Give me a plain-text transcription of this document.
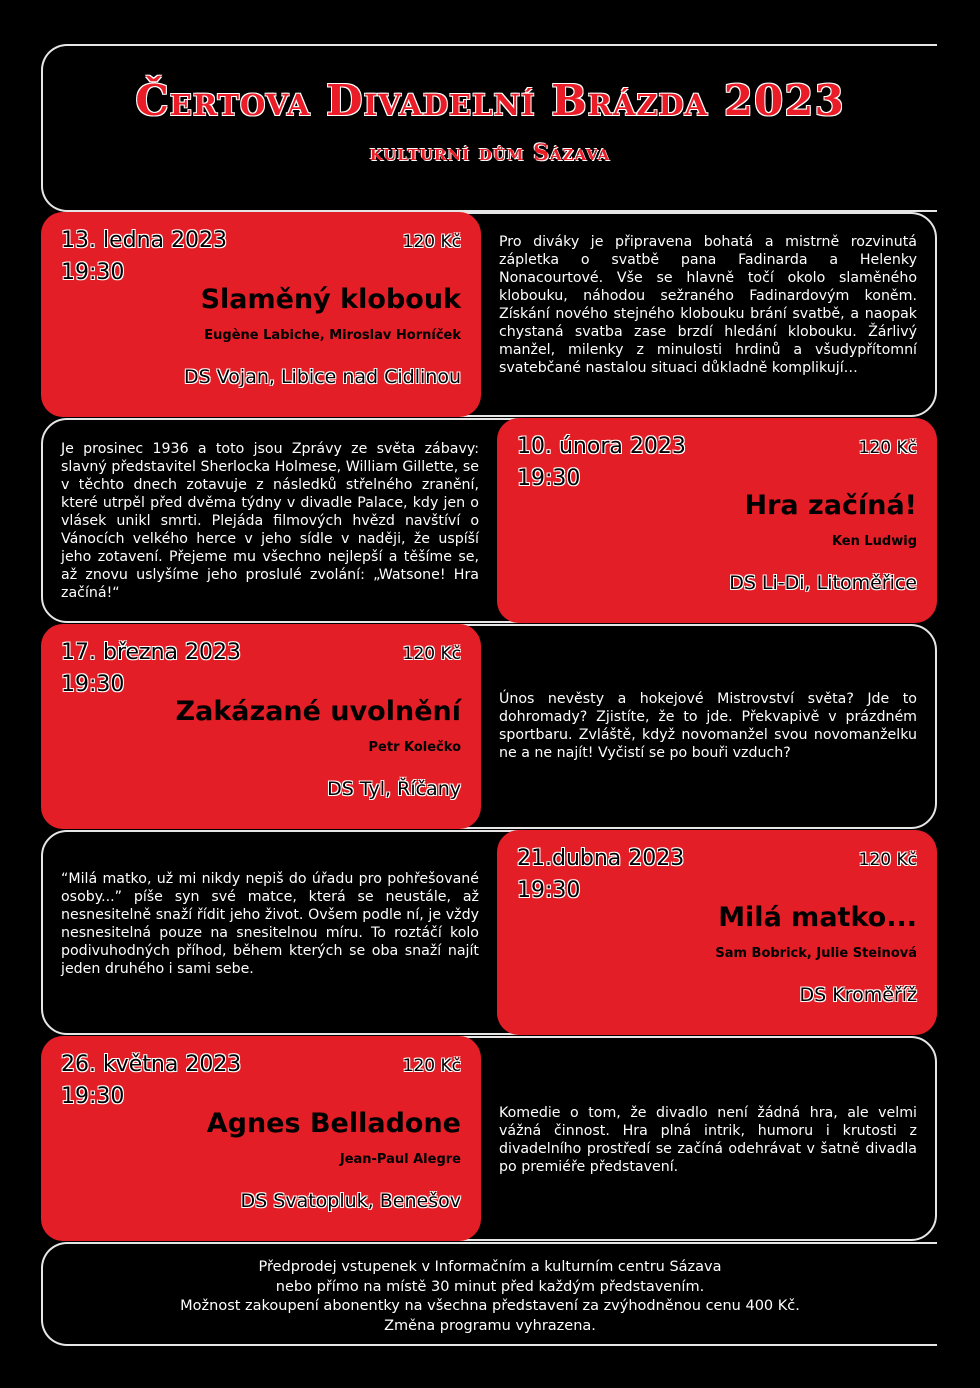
Čertova Divadelní Brázda 2023
kulturní dům Sázava
13. ledna 2023
19:30
120 Kč
Slaměný klobouk
Eugène Labiche, Miroslav Horníček
DS Vojan, Libice nad Cidlinou
Pro diváky je připravena bohatá a mistrně rozvinutá zápletka o svatbě pana Fadinarda a Helenky Nonacourtové. Vše se hlavně točí okolo slaměného klobouku, náhodou sežraného Fadinardovým koněm. Získání nového stejného klobouku brání svatbě, a naopak chystaná svatba zase brzdí hledání klobouku. Žárlivý manžel, milenky z minulosti hrdinů a všudypřítomní svatebčané nastalou situaci důkladně komplikují…
Je prosinec 1936 a toto jsou Zprávy ze světa zábavy: slavný představitel Sherlocka Holmese, William Gillette, se v těchto dnech zotavuje z následků střelného zranění, které utrpěl před dvěma týdny v divadle Palace, kdy jen o vlásek unikl smrti. Plejáda filmových hvězd navštíví o Vánocích velkého herce v jeho sídle v naději, že uspíší jeho zotavení. Přejeme mu všechno nejlepší a těšíme se, až znovu uslyšíme jeho proslulé zvolání: „Watsone! Hra začíná!“
10. února 2023
19:30
120 Kč
Hra začíná!
Ken Ludwig
DS Li-Di, Litoměřice
17. března 2023
19:30
120 Kč
Zakázané uvolnění
Petr Kolečko
DS Tyl, Říčany
Únos nevěsty a hokejové Mistrovství světa? Jde to dohromady? Zjistíte, že to jde. Překvapivě v prázdném sportbaru. Zvláště, když novomanžel svou novomanželku ne a ne najít! Vyčistí se po bouři vzduch?
“Milá matko, už mi nikdy nepiš do úřadu pro pohřešované osoby...” píše syn své matce, která se neustále, až nesnesitelně snaží řídit jeho život. Ovšem podle ní, je vždy nesnesitelná pouze na snesitelnou míru. To roztáčí kolo podivuhodných příhod, během kterých se oba snaží najít jeden druhého i sami sebe.
21.dubna 2023
19:30
120 Kč
Milá matko...
Sam Bobrick, Julie Steinová
DS Kroměříž
26. května 2023
19:30
120 Kč
Agnes Belladone
Jean-Paul Alegre
DS Svatopluk, Benešov
Komedie o tom, že divadlo není žádná hra, ale velmi vážná činnost. Hra plná intrik, humoru i krutosti z divadelního prostředí se začíná odehrávat v šatně divadla po premiéře představení.
Předprodej vstupenek v Informačním a kulturním centru Sázava
nebo přímo na místě 30 minut před každým představením.
Možnost zakoupení abonentky na všechna představení za zvýhodněnou cenu 400 Kč.
Změna programu vyhrazena.
